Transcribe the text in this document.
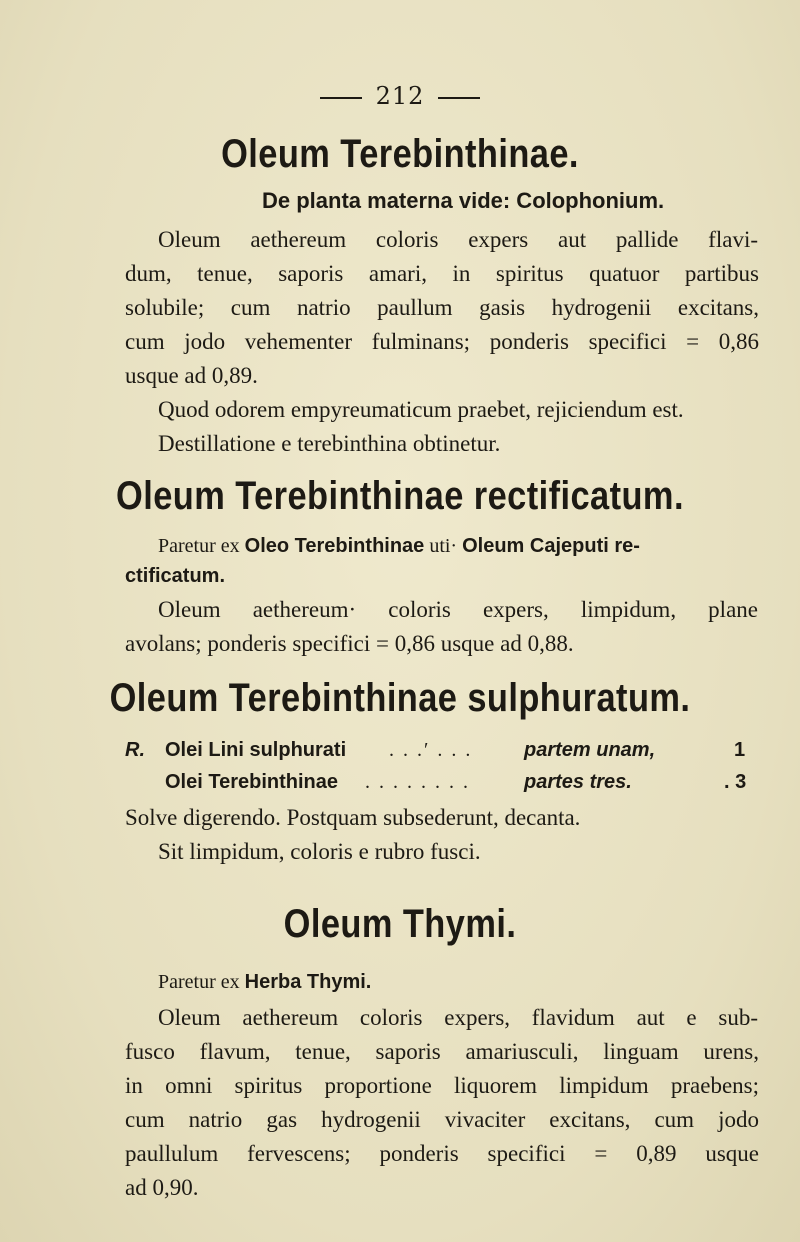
212
Oleum Terebinthinae.
De planta materna vide: Colophonium.
Oleum aethereum coloris expers aut pallide flavi-
dum, tenue, saporis amari, in spiritus quatuor partibus
solubile; cum natrio paullum gasis hydrogenii excitans,
cum jodo vehementer fulminans; ponderis specifici = 0,86
usque ad 0,89.
Quod odorem empyreumaticum praebet, rejiciendum est.
Destillatione e terebinthina obtinetur.
Oleum Terebinthinae rectificatum.
Paretur ex Oleo Terebinthinae uti· Oleum Cajeputi re-
ctificatum.
Oleum aethereum· coloris expers, limpidum, plane
avolans; ponderis specifici = 0,86 usque ad 0,88.
Oleum Terebinthinae sulphuratum.
R. Olei Lini sulphurati . . .′ . . .	partem unam,	1
Olei Terebinthinae . . . . . . . .	partes tres.	. 3
Solve digerendo. Postquam subsederunt, decanta.
Sit limpidum, coloris e rubro fusci.
Oleum Thymi.
Paretur ex Herba Thymi.
Oleum aethereum coloris expers, flavidum aut e sub-
fusco flavum, tenue, saporis amariusculi, linguam urens,
in omni spiritus proportione liquorem limpidum praebens;
cum natrio gas hydrogenii vivaciter excitans, cum jodo
paullulum fervescens; ponderis specifici = 0,89 usque
ad 0,90.
